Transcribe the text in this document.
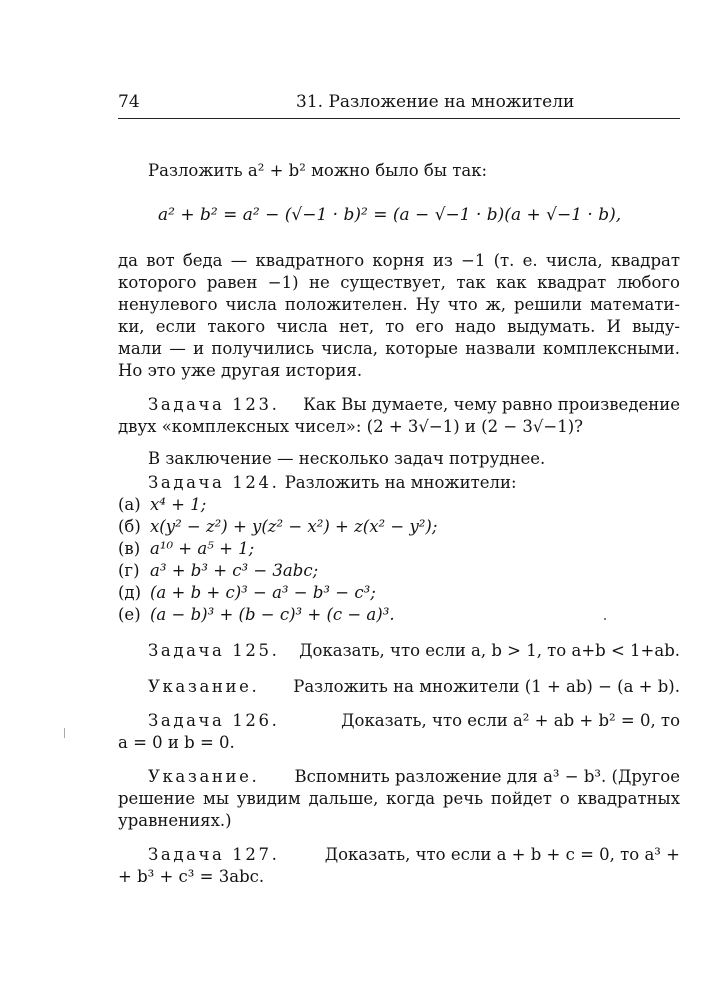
74	31. Разложение на множители
Разложить a² + b² можно было бы так:
a² + b² = a² − (√−1 · b)² = (a − √−1 · b)(a + √−1 · b),
да вот беда — квадратного корня из −1 (т. е. числа, квадрат
которого равен −1) не существует, так как квадрат любого
ненулевого числа положителен. Ну что ж, решили математи-
ки, если такого числа нет, то его надо выдумать. И выду-
мали — и получились числа, которые назвали комплексными.
Но это уже другая история.
Задача 123. Как Вы думаете, чему равно произведение
двух «комплексных чисел»: (2 + 3√−1) и (2 − 3√−1)?
В заключение — несколько задач потруднее.
Задача 124. Разложить на множители:
(а) x⁴ + 1;
(б) x(y² − z²) + y(z² − x²) + z(x² − y²);
(в) a¹⁰ + a⁵ + 1;
(г) a³ + b³ + c³ − 3abc;
(д) (a + b + c)³ − a³ − b³ − c³;
(е) (a − b)³ + (b − c)³ + (c − a)³.
Задача 125. Доказать, что если a, b > 1, то a+b < 1+ab.
Указание. Разложить на множители (1 + ab) − (a + b).
Задача 126.	Доказать, что если a² + ab + b² = 0, то
a = 0 и b = 0.
Указание. Вспомнить разложение для a³ − b³. (Другое
решение мы увидим дальше, когда речь пойдет о квадратных
уравнениях.)
Задача 127.	Доказать, что если a + b + c = 0, то a³ +
+ b³ + c³ = 3abc.
